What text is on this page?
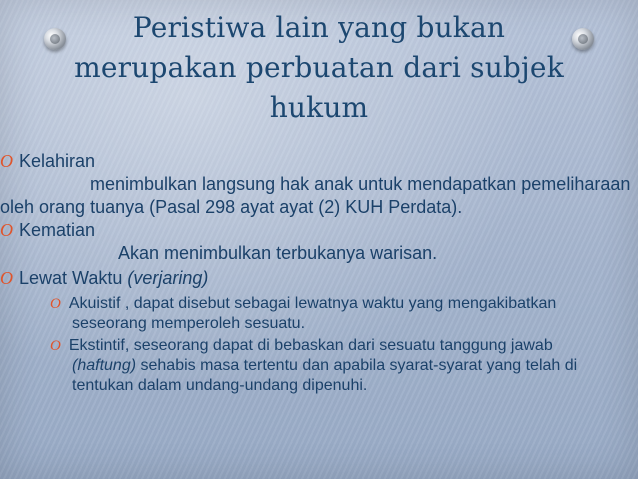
Peristiwa lain yang bukan merupakan perbuatan dari subjek hukum
O Kelahiran
menimbulkan langsung hak anak untuk mendapatkan pemeliharaan oleh orang tuanya (Pasal 298 ayat ayat (2) KUH Perdata).
O Kematian
Akan menimbulkan terbukanya warisan.
O Lewat Waktu (verjaring)
O Akuistif , dapat disebut sebagai lewatnya waktu yang mengakibatkan seseorang memperoleh sesuatu.
O Ekstintif, seseorang dapat di bebaskan dari sesuatu tanggung jawab (haftung) sehabis masa tertentu dan apabila syarat-syarat yang telah di tentukan dalam undang-undang dipenuhi.
